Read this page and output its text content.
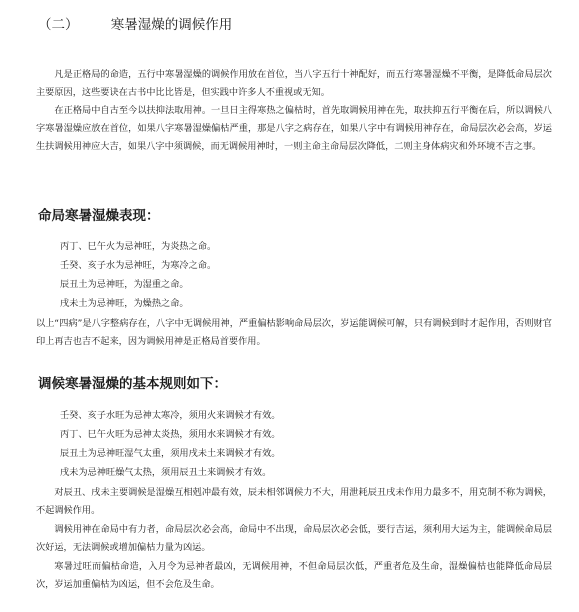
（二） 寒暑湿燥的调候作用

凡是正格局的命造，五行中寒暑湿燥的调候作用放在首位，当八字五行十神配好，而五行寒暑湿燥不平衡，是降低命局层次主要原因，这些要诀在古书中比比皆是，但实践中许多人不重视或无知。

在正格局中自古至今以扶抑法取用神。一旦日主得寒热之偏枯时，首先取调候用神在先，取扶抑五行平衡在后，所以调候八字寒暑湿燥应放在首位，如果八字寒暑湿燥偏枯严重，那是八字之病存在，如果八字中有调候用神存在，命局层次必会高，岁运生扶调候用神应大吉，如果八字中须调候，而无调候用神时，一则主命主命局层次降低，二则主身体病灾和外环境不吉之事。

命局寒暑湿燥表现：

丙丁、巳午火为忌神旺，为炎热之命。

壬癸、亥子水为忌神旺，为寒冷之命。

辰丑土为忌神旺，为湿重之命。

戌未土为忌神旺，为燥热之命。

以上“四病”是八字整病存在，八字中无调候用神，严重偏枯影响命局层次，岁运能调候可解，只有调候到时才起作用，否则财官印上再吉也吉不起来，因为调候用神是正格局首要作用。

调候寒暑湿燥的基本规则如下：

壬癸、亥子水旺为忌神太寒冷，须用火来调候才有效。

丙丁、巳午火旺为忌神太炎热，须用水来调候才有效。

辰丑土为忌神旺湿气太重，须用戌未土来调候才有效。

戌未为忌神旺燥气太热，须用辰丑土来调候才有效。

对辰丑、戌未主要调候是湿燥互相剋冲最有效，辰未相邻调候力不大，用泄耗辰丑戌未作用力最多不，用克制不称为调候，不起调候作用。

调候用神在命局中有力者，命局层次必会高，命局中不出现，命局层次必会低，要行吉运，须利用大运为主，能调候命局层次好运，无法调候或增加偏枯力量为凶运。

寒暑过旺而偏枯命造，入月令为忌神者最凶，无调候用神，不但命局层次低，严重者危及生命，湿燥偏枯也能降低命局层次，岁运加重偏枯为凶运，但不会危及生命。
